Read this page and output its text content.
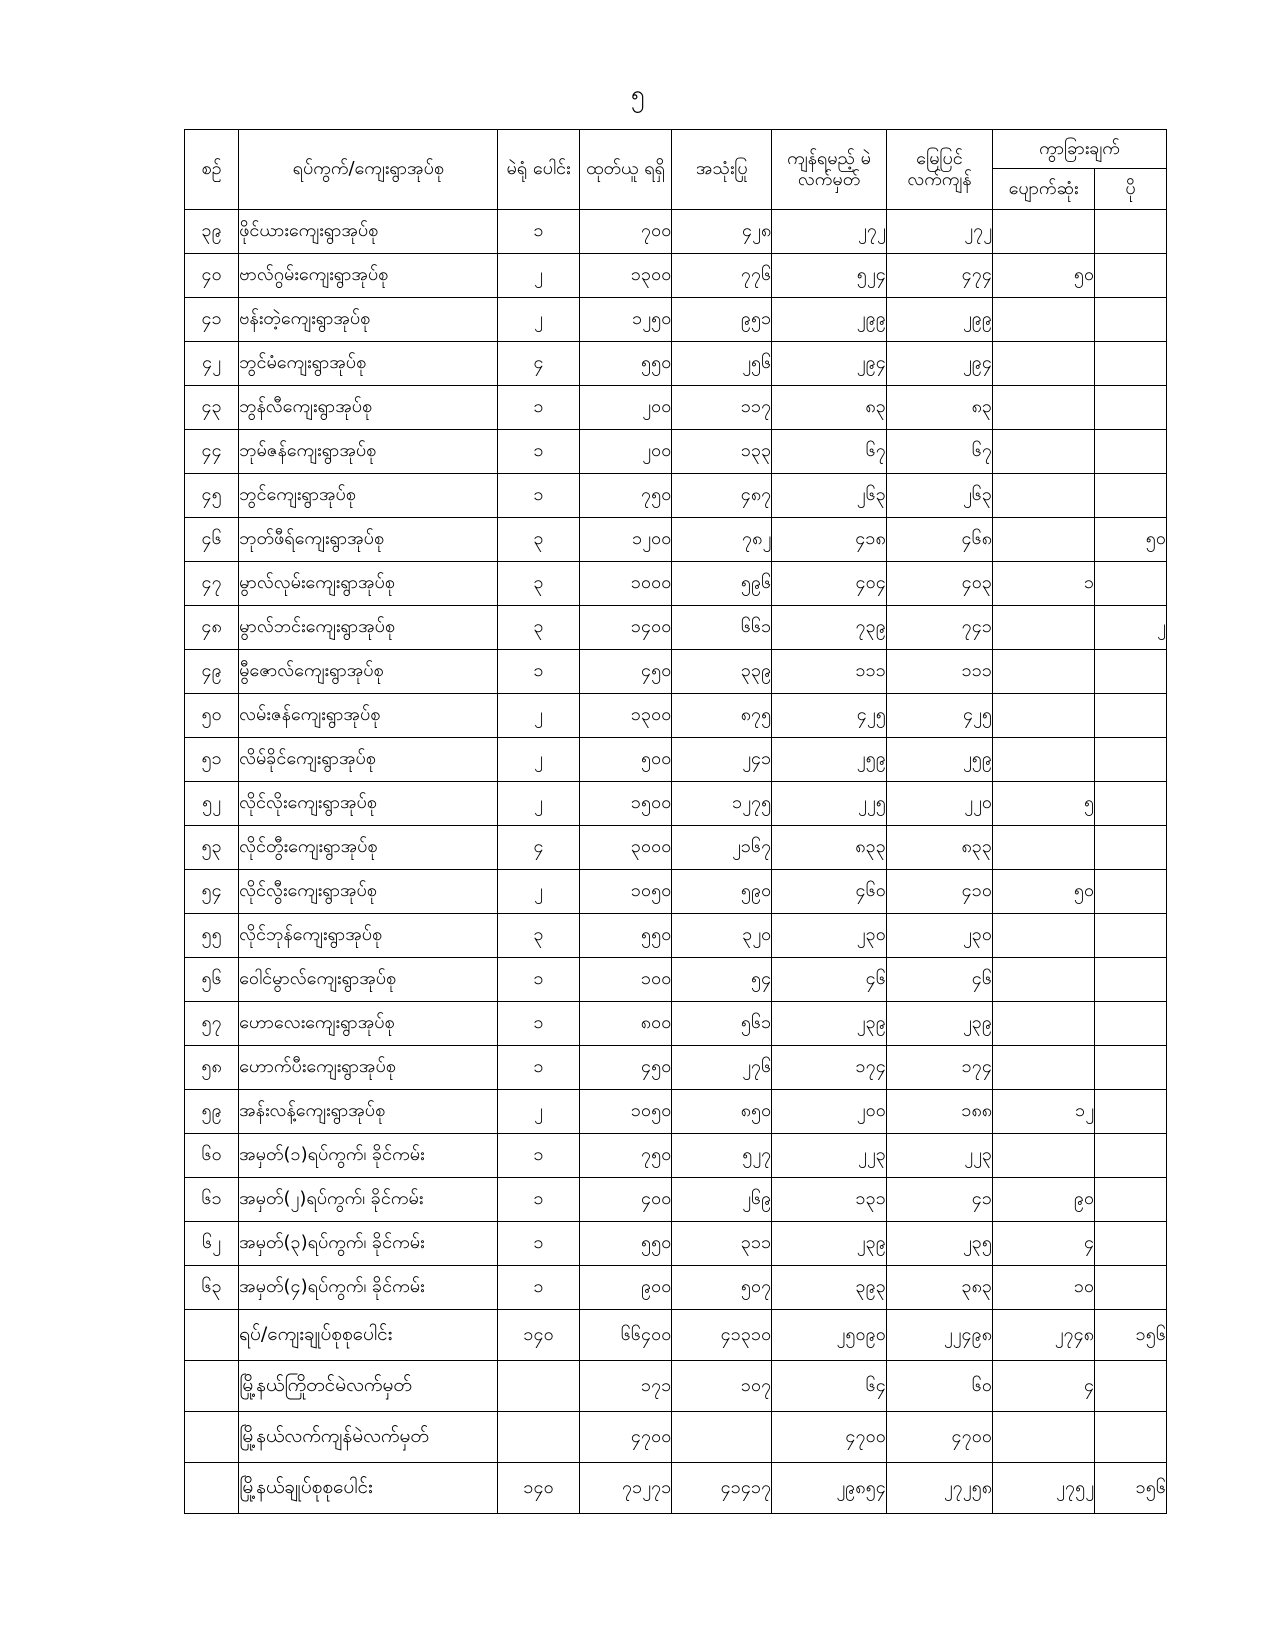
၅
စဉ်	ရပ်ကွက်/ကျေးရွာအုပ်စု	မဲရုံ ပေါင်း	ထုတ်ယူ ရရှိ	အသုံးပြု	ကျန်ရမည့် မဲလက်မှတ်	မြေပြင် လက်ကျန်	ကွာခြားချက်	
							ပျောက်ဆုံး	ပို
၃၉	ဖိုင်ယားကျေးရွာအုပ်စု	၁	၇၀၀	၄၂၈	၂၇၂	၂၇၂		
၄၀	ဗာလ်ဂွမ်းကျေးရွာအုပ်စု	၂	၁၃၀၀	၇၇၆	၅၂၄	၄၇၄	၅၀	
၄၁	ဗန်းတဲ့ကျေးရွာအုပ်စု	၂	၁၂၅၀	၉၅၁	၂၉၉	၂၉၉		
၄၂	ဘွင်မံကျေးရွာအုပ်စု	၄	၅၅၀	၂၅၆	၂၉၄	၂၉၄		
၄၃	ဘွန်လီကျေးရွာအုပ်စု	၁	၂၀၀	၁၁၇	၈၃	၈၃		
၄၄	ဘုမ်ဇန်ကျေးရွာအုပ်စု	၁	၂၀၀	၁၃၃	၆၇	၆၇		
၄၅	ဘွင်ကျေးရွာအုပ်စု	၁	၇၅၀	၄၈၇	၂၆၃	၂၆၃		
၄၆	ဘုတ်ဖီရ်ကျေးရွာအုပ်စု	၃	၁၂၀၀	၇၈၂	၄၁၈	၄၆၈		၅၀
၄၇	မွာလ်လုမ်းကျေးရွာအုပ်စု	၃	၁၀၀၀	၅၉၆	၄၀၄	၄၀၃	၁	
၄၈	မွာလ်ဘင်းကျေးရွာအုပ်စု	၃	၁၄၀၀	၆၆၁	၇၃၉	၇၄၁		၂
၄၉	မွီဇောလ်ကျေးရွာအုပ်စု	၁	၄၅၀	၃၃၉	၁၁၁	၁၁၁		
၅၀	လမ်းဇန်ကျေးရွာအုပ်စု	၂	၁၃၀၀	၈၇၅	၄၂၅	၄၂၅		
၅၁	လိမ်ခိုင်ကျေးရွာအုပ်စု	၂	၅၀၀	၂၄၁	၂၅၉	၂၅၉		
၅၂	လိုင်လိုးကျေးရွာအုပ်စု	၂	၁၅၀၀	၁၂၇၅	၂၂၅	၂၂၀	၅	
၅၃	လိုင်တွီးကျေးရွာအုပ်စု	၄	၃၀၀၀	၂၁၆၇	၈၃၃	၈၃၃		
၅၄	လိုင်လွီးကျေးရွာအုပ်စု	၂	၁၀၅၀	၅၉၀	၄၆၀	၄၁၀	၅၀	
၅၅	လိုင်ဘုန်ကျေးရွာအုပ်စု	၃	၅၅၀	၃၂၀	၂၃၀	၂၃၀		
၅၆	ဝေါင်မွာလ်ကျေးရွာအုပ်စု	၁	၁၀၀	၅၄	၄၆	၄၆		
၅၇	ဟောလေးကျေးရွာအုပ်စု	၁	၈၀၀	၅၆၁	၂၃၉	၂၃၉		
၅၈	ဟောက်ပီးကျေးရွာအုပ်စု	၁	၄၅၀	၂၇၆	၁၇၄	၁၇၄		
၅၉	အန်းလန့်ကျေးရွာအုပ်စု	၂	၁၀၅၀	၈၅၀	၂၀၀	၁၈၈	၁၂	
၆၀	အမှတ်(၁)ရပ်ကွက်၊ ခိုင်ကမ်း	၁	၇၅၀	၅၂၇	၂၂၃	၂၂၃		
၆၁	အမှတ်(၂)ရပ်ကွက်၊ ခိုင်ကမ်း	၁	၄၀၀	၂၆၉	၁၃၁	၄၁	၉၀	
၆၂	အမှတ်(၃)ရပ်ကွက်၊ ခိုင်ကမ်း	၁	၅၅၀	၃၁၁	၂၃၉	၂၃၅	၄	
၆၃	အမှတ်(၄)ရပ်ကွက်၊ ခိုင်ကမ်း	၁	၉၀၀	၅၀၇	၃၉၃	၃၈၃	၁၀	
	ရပ်/ကျေးချုပ်စုစုပေါင်း	၁၄၀	၆၆၄၀၀	၄၁၃၁၀	၂၅၀၉၀	၂၂၄၉၈	၂၇၄၈	၁၅၆
	မြို့နယ်ကြိုတင်မဲလက်မှတ်		၁၇၁	၁၀၇	၆၄	၆၀	၄	
	မြို့နယ်လက်ကျန်မဲလက်မှတ်		၄၇၀၀		၄၇၀၀	၄၇၀၀		
	မြို့နယ်ချုပ်စုစုပေါင်း	၁၄၀	၇၁၂၇၁	၄၁၄၁၇	၂၉၈၅၄	၂၇၂၅၈	၂၇၅၂	၁၅၆
